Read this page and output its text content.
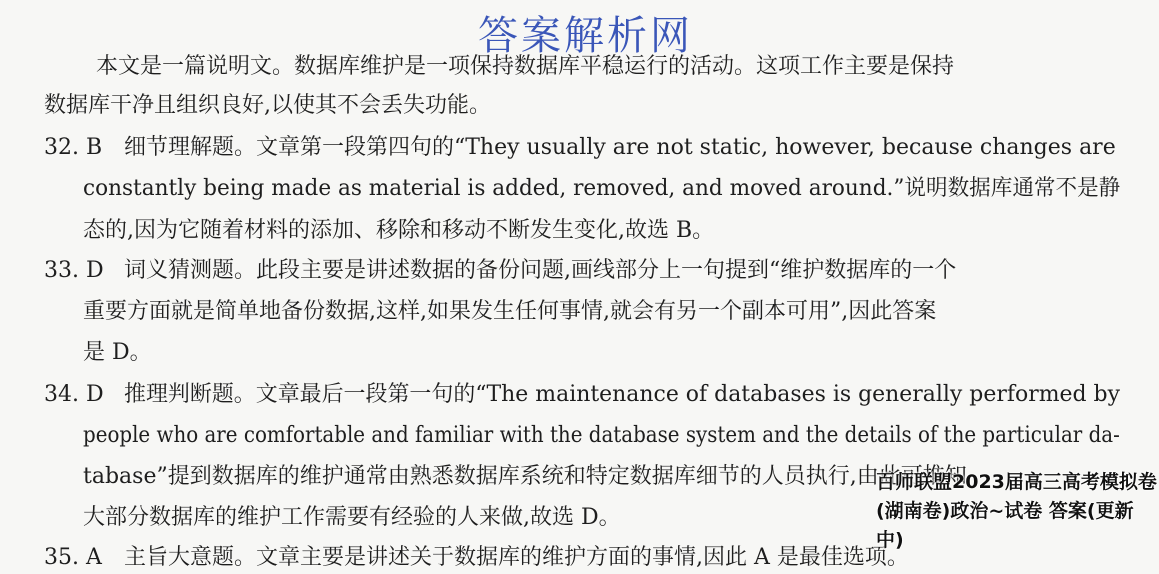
答案解析网
本文是一篇说明文。数据库维护是一项保持数据库平稳运行的活动。这项工作主要是保持
数据库干净且组织良好,以使其不会丢失功能。
32. B 细节理解题。文章第一段第四句的“They usually are not static, however, because changes are
constantly being made as material is added, removed, and moved around.”说明数据库通常不是静
态的,因为它随着材料的添加、移除和移动不断发生变化,故选 B。
33. D 词义猜测题。此段主要是讲述数据的备份问题,画线部分上一句提到“维护数据库的一个
重要方面就是简单地备份数据,这样,如果发生任何事情,就会有另一个副本可用”,因此答案
是 D。
34. D 推理判断题。文章最后一段第一句的“The maintenance of databases is generally performed by
people who are comfortable and familiar with the database system and the details of the particular da-
tabase”提到数据库的维护通常由熟悉数据库系统和特定数据库细节的人员执行,由此可推知
大部分数据库的维护工作需要有经验的人来做,故选 D。
35. A 主旨大意题。文章主要是讲述关于数据库的维护方面的事情,因此 A 是最佳选项。
百师联盟2023届高三高考模拟卷(湖南卷)政治~试卷 答案(更新中)
